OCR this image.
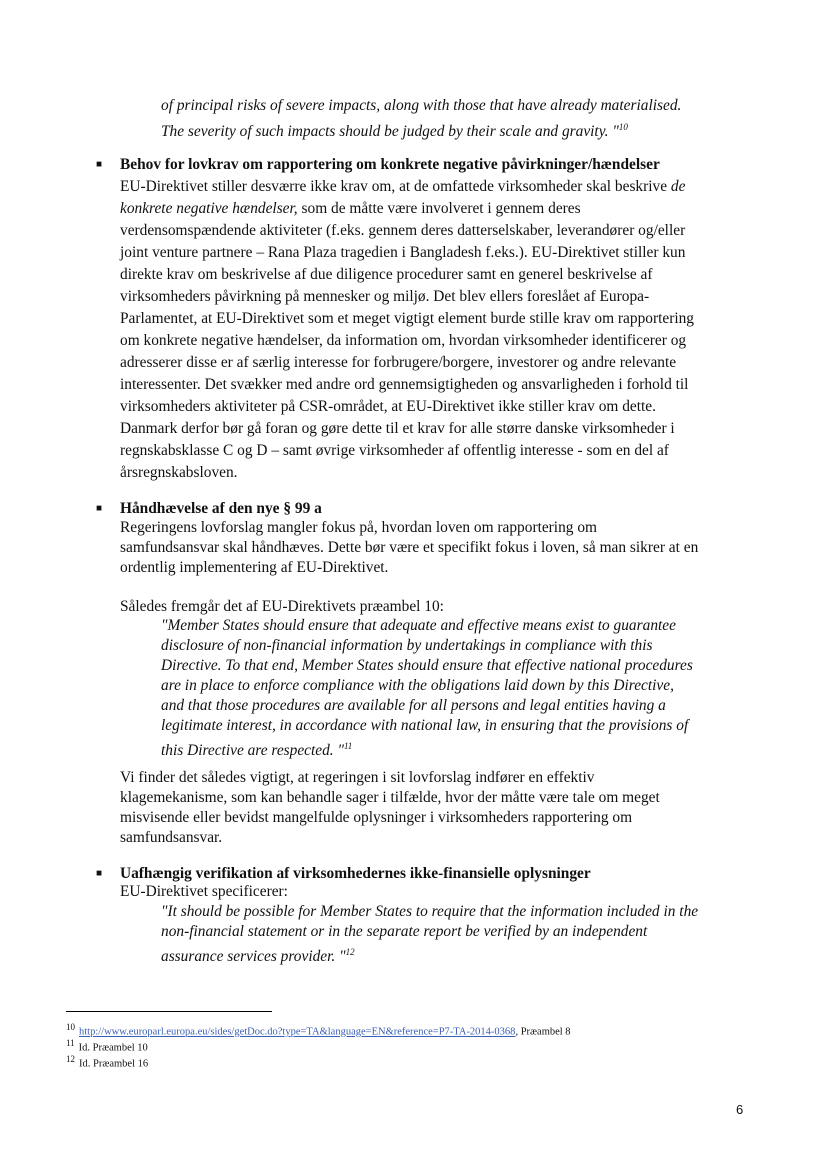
of principal risks of severe impacts, along with those that have already materialised.
The severity of such impacts should be judged by their scale and gravity. "$^{10}$
■ Behov for lovkrav om rapportering om konkrete negative påvirkninger/hændelser
EU-Direktivet stiller desværre ikke krav om, at de omfattede virksomheder skal beskrive de
konkrete negative hændelser, som de måtte være involveret i gennem deres
verdensomspændende aktiviteter (f.eks. gennem deres datterselskaber, leverandører og/eller
joint venture partnere – Rana Plaza tragedien i Bangladesh f.eks.). EU-Direktivet stiller kun
direkte krav om beskrivelse af due diligence procedurer samt en generel beskrivelse af
virksomheders påvirkning på mennesker og miljø. Det blev ellers foreslået af Europa-
Parlamentet, at EU-Direktivet som et meget vigtigt element burde stille krav om rapportering
om konkrete negative hændelser, da information om, hvordan virksomheder identificerer og
adresserer disse er af særlig interesse for forbrugere/borgere, investorer og andre relevante
interessenter. Det svækker med andre ord gennemsigtigheden og ansvarligheden i forhold til
virksomheders aktiviteter på CSR-området, at EU-Direktivet ikke stiller krav om dette.
Danmark derfor bør gå foran og gøre dette til et krav for alle større danske virksomheder i
regnskabsklasse C og D – samt øvrige virksomheder af offentlig interesse - som en del af
årsregnskabsloven.
■ Håndhævelse af den nye § 99 a
Regeringens lovforslag mangler fokus på, hvordan loven om rapportering om
samfundsansvar skal håndhæves. Dette bør være et specifikt fokus i loven, så man sikrer at en
ordentlig implementering af EU-Direktivet.
Således fremgår det af EU-Direktivets præambel 10:
"Member States should ensure that adequate and effective means exist to guarantee
disclosure of non-financial information by undertakings in compliance with this
Directive. To that end, Member States should ensure that effective national procedures
are in place to enforce compliance with the obligations laid down by this Directive,
and that those procedures are available for all persons and legal entities having a
legitimate interest, in accordance with national law, in ensuring that the provisions of
this Directive are respected. "$^{11}$
Vi finder det således vigtigt, at regeringen i sit lovforslag indfører en effektiv
klagemekanisme, som kan behandle sager i tilfælde, hvor der måtte være tale om meget
misvisende eller bevidst mangelfulde oplysninger i virksomheders rapportering om
samfundsansvar.
■ Uafhængig verifikation af virksomhedernes ikke-finansielle oplysninger
EU-Direktivet specificerer:
"It should be possible for Member States to require that the information included in the
non-financial statement or in the separate report be verified by an independent
assurance services provider. "$^{12}$
10 http://www.europarl.europa.eu/sides/getDoc.do?type=TA&language=EN&reference=P7-TA-2014-0368, Præambel 8
11 Id. Præambel 10
12 Id. Præambel 16
6
